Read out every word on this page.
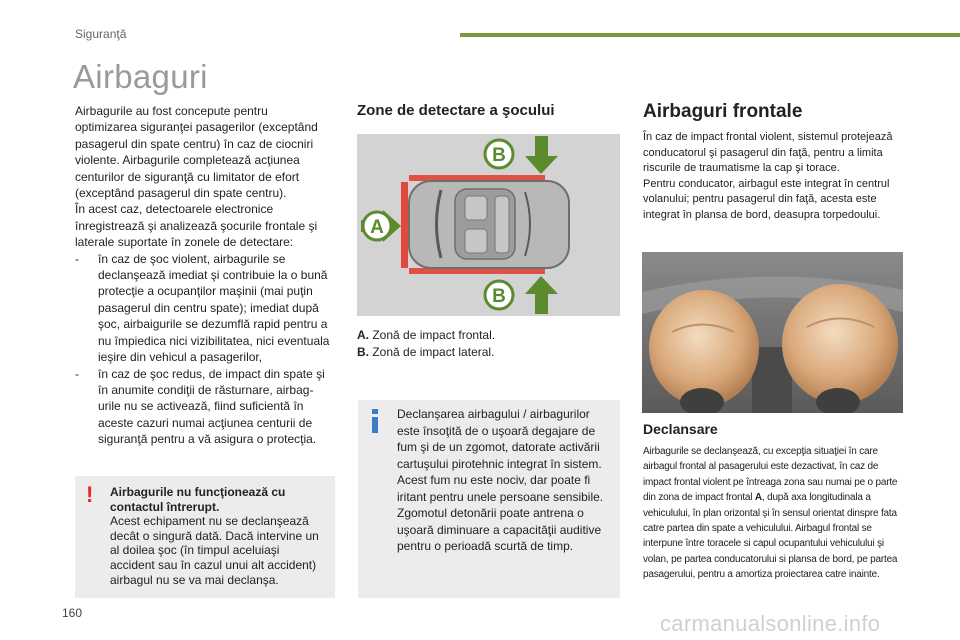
Siguranţă
Airbaguri

Airbagurile au fost concepute pentru optimizarea siguranţei pasagerilor (exceptând pasagerul din spate centru) în caz de ciocniri violente. Airbagurile completează acţiunea centurilor de siguranţă cu limitator de efort (exceptând pasagerul din spate centru).

În acest caz, detectoarele electronice înregistrează şi analizează şocurile frontale şi laterale suportate în zonele de detectare:

-	în caz de şoc violent, airbagurile se declanşează imediat şi contribuie la o bună protecţie a ocupanţilor maşinii (mai puţin pasagerul din centru spate); imediat după şoc, airbaigurile se dezumflă rapid pentru a nu împiedica nici vizibilitatea, nici eventuala ieşire din vehicul a pasagerilor,
-	în caz de şoc redus, de impact din spate şi în anumite condiţii de răsturnare, airbag-urile nu se activează, fiind suficientă în aceste cazuri numai acţiunea centurii de siguranţă pentru a vă asigura o protecţia.
! Airbagurile nu funcţionează cu contactul întrerupt.
Acest echipament nu se declanşează decât o singură dată. Dacă intervine un al doilea şoc (în timpul aceluiaşi accident sau în cazul unui alt accident) airbagul nu se va mai declanşa.
Zone de detectare a şocului
A
B
B
A. Zonă de impact frontal.
B. Zonă de impact lateral.
Declanşarea airbagului / airbagurilor este însoţită de o uşoară degajare de fum şi de un zgomot, datorate activării cartuşului pirotehnic integrat în sistem. Acest fum nu este nociv, dar poate fi iritant pentru unele persoane sensibile. Zgomotul detonării poate antrena o uşoară diminuare a capacităţii auditive pentru o perioadă scurtă de timp.
Airbaguri frontale

În caz de impact frontal violent, sistemul protejează conducatorul şi pasagerul din faţă, pentru a limita riscurile de traumatisme la cap şi torace.

Pentru conducator, airbagul este integrat în centrul volanului; pentru pasagerul din faţă, acesta este integrat în plansa de bord, deasupra torpedoului.

Declansare
Airbagurile se declanşează, cu excepţia situaţiei în care airbagul frontal al pasagerului este dezactivat, în caz de impact frontal violent pe întreaga zona sau numai pe o parte din zona de impact frontal A, după axa longitudinala a vehiculului, în plan orizontal şi în sensul orientat dinspre fata catre partea din spate a vehiculului. Airbagul frontal se interpune între toracele si capul ocupantului vehiculului şi volan, pe partea conducatorului si plansa de bord, pe partea pasagerului, pentru a amortiza proiectarea catre inainte.
160	carmanualsonline.info
